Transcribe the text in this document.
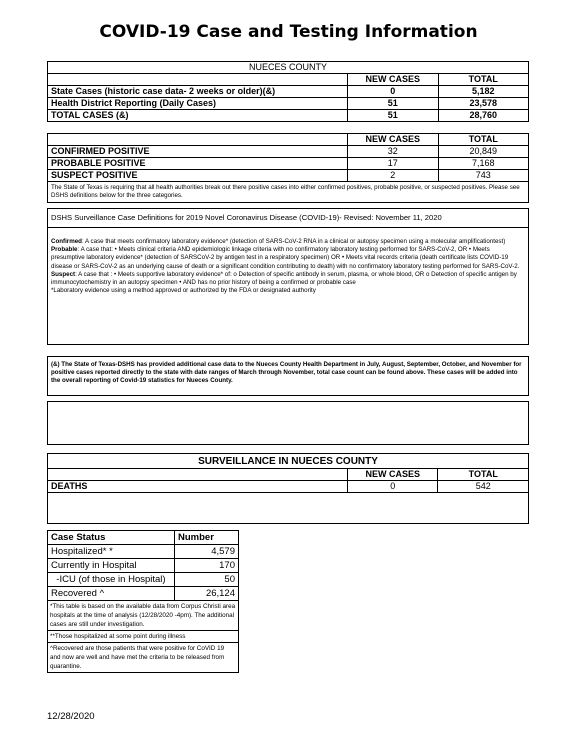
COVID-19 Case and Testing Information
NUECES COUNTY		
	NEW CASES	TOTAL
State Cases (historic case data- 2 weeks or older)(&)	0	5,182
Health District Reporting (Daily Cases)	51	23,578
TOTAL CASES (&)	51	28,760
	NEW CASES	TOTAL
CONFIRMED POSITIVE	32	20,849
PROBABLE POSITIVE	17	7,168
SUSPECT POSITIVE	2	743
The State of Texas is requiring that all health authorities break out there positive cases into either confirmed positives, probable positive, or suspected positives. Please see DSHS definitions below for the three categories.		
DSHS Surveillance Case Definitions for 2019 Novel Coronavirus Disease (COVID-19)- Revised: November 11, 2020
Confirmed: A case that meets confirmatory laboratory evidence* (detection of SARS-CoV-2 RNA in a clinical or autopsy specimen using a molecular amplificationtest)
Probable: A case that: • Meets clinical criteria AND epidemiologic linkage criteria with no confirmatory laboratory testing performed for SARS-CoV-2, OR • Meets presumptive laboratory evidence* (detection of SARSCoV-2 by antigen test in a respiratory specimen) OR • Meets vital records criteria (death certificate lists COVID-19 disease or SARS-CoV-2 as an underlying cause of death or a significant condition contributing to death) with no confirmatory laboratory testing performed for SARS-CoV-2.
Suspect: A case that : • Meets supportive laboratory evidence* of: o Detection of specific antibody in serum, plasma, or whole blood, OR o Detection of specific antigen by immunocytochemistry in an autopsy specimen • AND has no prior history of being a confirmed or probable case
*Laboratory evidence using a method approved or authorized by the FDA or designated authority
(&) The State of Texas-DSHS has provided additional case data to the Nueces County Health Department in July, August, September, October, and November for positive cases reported directly to the state with date ranges of March through November, total case count can be found above. These cases will be added into the overall reporting of Covid-19 statistics for Nueces County.
SURVEILLANCE IN NUECES COUNTY		
	NEW CASES	TOTAL
DEATHS	0	542

Case Status	Number
Hospitalized* *	4,579
Currently in Hospital	170
-ICU (of those in Hospital)	50
Recovered ^	26,124
*This table is based on the available data from Corpus Christi area hospitals at the time of analysis (12/28/2020 -4pm). The additional cases are still under investigation.	
**Those hospitalized at some point during illness	
^Recovered are those patients that were positive for CoVID 19 and now are well and have met the criteria to be released from quarantine.	
12/28/2020
